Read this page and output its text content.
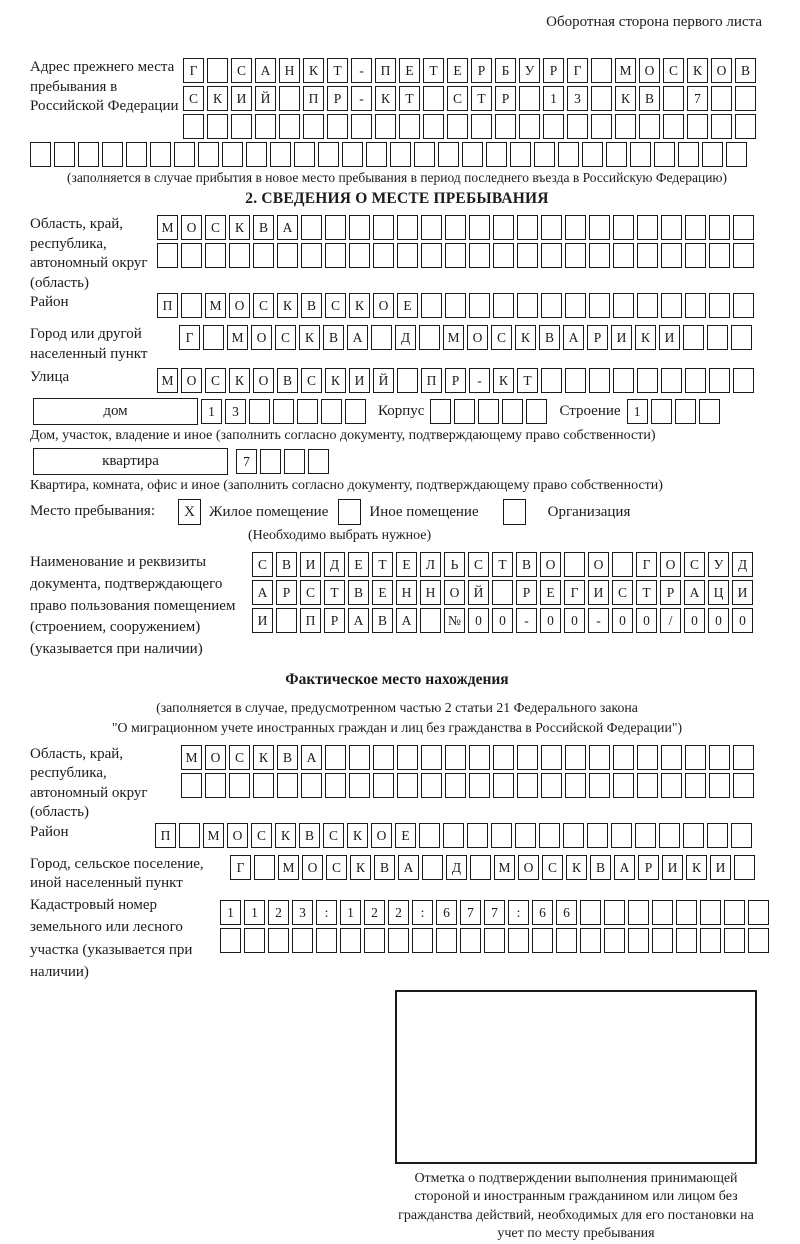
Оборотная сторона первого листа
Адрес прежнего места пребывания в Российской Федерации
Г	С	А	Н	К	Т	-	П	Е	Т	Е	Р	Б	У	Р	Г	М О	С	К	О	В
С	К	И	Й	П	Р	-	К	Т	С	Т	Р	1	3	К	В	7
(заполняется в случае прибытия в новое место пребывания в период последнего въезда в Российскую Федерацию)
2. СВЕДЕНИЯ О МЕСТЕ ПРЕБЫВАНИЯ
Область, край, республика, автономный округ (область)
М О	С	К	В	А
Район	П	М О	С	К	В	С	К	О	Е
Город или другой населенный пункт
Г	М О	С	К	В	А	Д	М О	С	К	В	А	Р	И	К	И
Улица	М О	С	К	О	В	С	К	И	Й	П	Р	-	К	Т
дом	1	3	Корпус	Строение 1
Дом, участок, владение и иное (заполнить согласно документу, подтверждающему право собственности)
квартира	7
Квартира, комната, офис и иное (заполнить согласно документу, подтверждающему право собственности)
Место пребывания:	X Жилое помещение	Иное помещение	Организация
(Необходимо выбрать нужное)
Наименование и реквизиты документа, подтверждающего право пользования помещением (строением, сооружением) (указывается при наличии)
С	В	И	Д	Е	Т	Е	Л	Ь	С	Т	В	О	О	Г	О	С	У	Д
А	Р	С	Т	В	Е	Н	Н	О	Й	Р	Е	Г	И	С	Т	Р	А	Ц	И
И	П	Р	А	В	А	№	0	0	-	0	0	-	0	0	/	0	0	0
Фактическое место нахождения
(заполняется в случае, предусмотренном частью 2 статьи 21 Федерального закона
"О миграционном учете иностранных граждан и лиц без гражданства в Российской Федерации")
Область, край, республика, автономный округ (область)
М О	С	К	В	А
Район	П	М О	С	К	В	С	К	О	Е
Город, сельское поселение, иной населенный пункт
Г	М О	С	К	В	А	Д	М О	С	К	В	А	Р	И	К	И
Кадастровый номер земельного или лесного участка (указывается при наличии)
1	1	2	3	:	1	2	2	:	6	7	7	:	6	6
Отметка о подтверждении выполнения принимающей стороной и иностранным гражданином или лицом без гражданства действий, необходимых для его постановки на учет по месту пребывания
